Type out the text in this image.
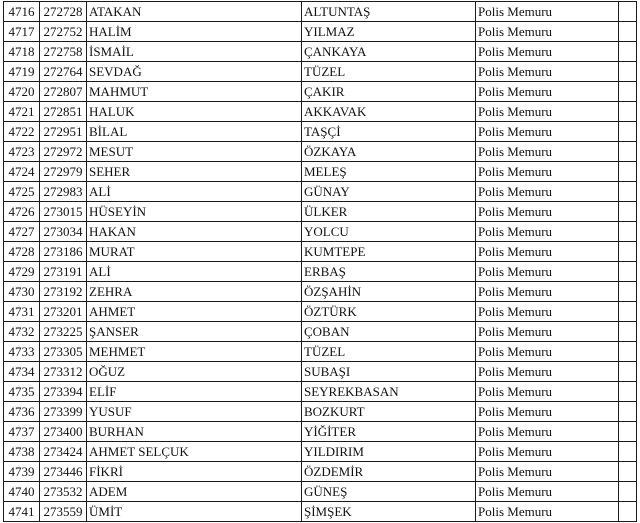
4716	272728	ATAKAN	ALTUNTAŞ	Polis Memuru	
4717	272752	HALİM	YILMAZ	Polis Memuru	
4718	272758	İSMAİL	ÇANKAYA	Polis Memuru	
4719	272764	SEVDAĞ	TÜZEL	Polis Memuru	
4720	272807	MAHMUT	ÇAKIR	Polis Memuru	
4721	272851	HALUK	AKKAVAK	Polis Memuru	
4722	272951	BİLAL	TAŞÇİ	Polis Memuru	
4723	272972	MESUT	ÖZKAYA	Polis Memuru	
4724	272979	SEHER	MELEŞ	Polis Memuru	
4725	272983	ALİ	GÜNAY	Polis Memuru	
4726	273015	HÜSEYİN	ÜLKER	Polis Memuru	
4727	273034	HAKAN	YOLCU	Polis Memuru	
4728	273186	MURAT	KUMTEPE	Polis Memuru	
4729	273191	ALİ	ERBAŞ	Polis Memuru	
4730	273192	ZEHRA	ÖZŞAHİN	Polis Memuru	
4731	273201	AHMET	ÖZTÜRK	Polis Memuru	
4732	273225	ŞANSER	ÇOBAN	Polis Memuru	
4733	273305	MEHMET	TÜZEL	Polis Memuru	
4734	273312	OĞUZ	SUBAŞI	Polis Memuru	
4735	273394	ELİF	SEYREKBASAN	Polis Memuru	
4736	273399	YUSUF	BOZKURT	Polis Memuru	
4737	273400	BURHAN	YİĞİTER	Polis Memuru	
4738	273424	AHMET SELÇUK	YILDIRIM	Polis Memuru	
4739	273446	FİKRİ	ÖZDEMİR	Polis Memuru	
4740	273532	ADEM	GÜNEŞ	Polis Memuru	
4741	273559	ÜMİT	ŞİMŞEK	Polis Memuru	
